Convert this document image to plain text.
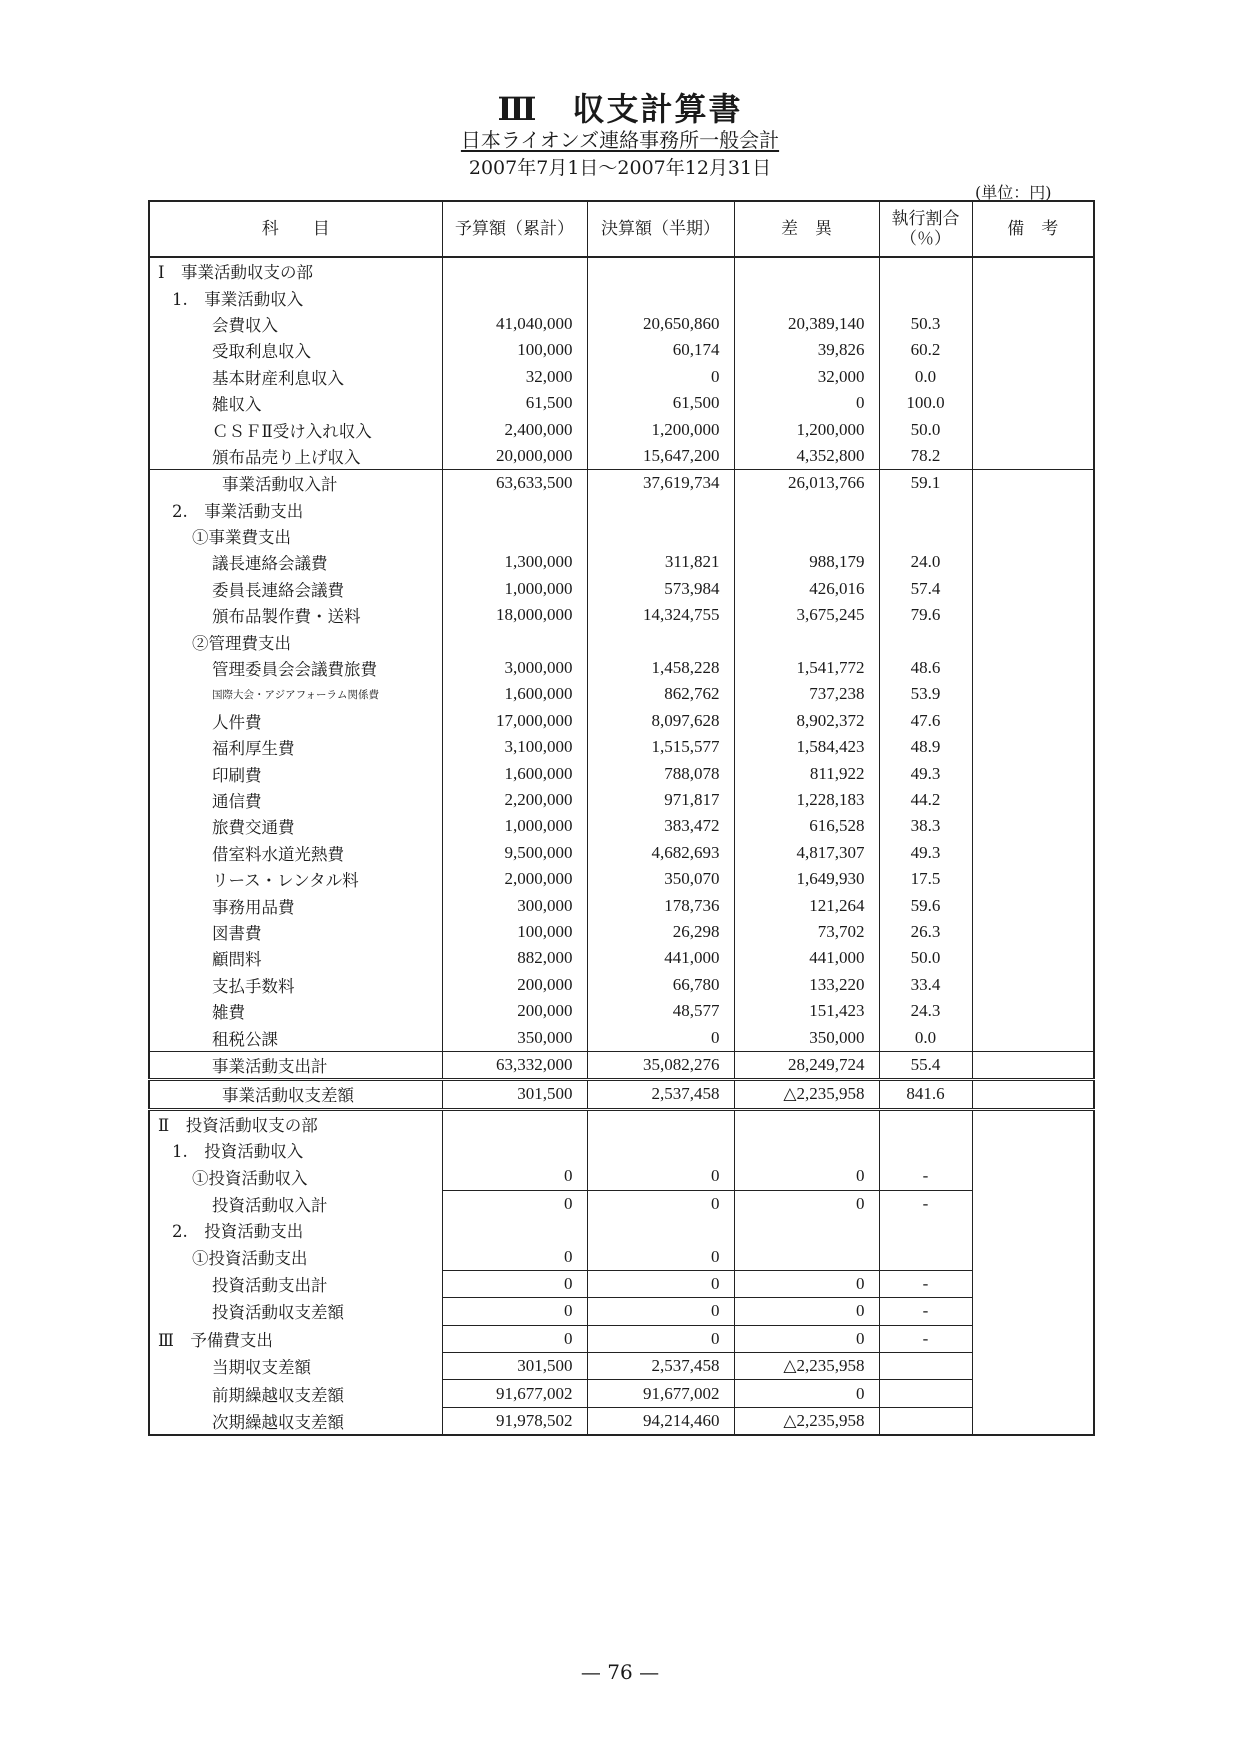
Ⅲ　収支計算書
日本ライオンズ連絡事務所一般会計
2007年7月1日～2007年12月31日
(単位：円)
科　　目	予算額（累計）	決算額（半期）	差　異	執行割合
（％）	備　考
Ⅰ　事業活動収支の部					
1.　事業活動収入					
会費収入	41,040,000	20,650,860	20,389,140	50.3	
受取利息収入	100,000	60,174	39,826	60.2	
基本財産利息収入	32,000	0	32,000	0.0	
雑収入	61,500	61,500	0	100.0	
ＣＳＦⅡ受け入れ収入	2,400,000	1,200,000	1,200,000	50.0	
頒布品売り上げ収入	20,000,000	15,647,200	4,352,800	78.2	
事業活動収入計	63,633,500	37,619,734	26,013,766	59.1	
2.　事業活動支出					
①事業費支出					
議長連絡会議費	1,300,000	311,821	988,179	24.0	
委員長連絡会議費	1,000,000	573,984	426,016	57.4	
頒布品製作費・送料	18,000,000	14,324,755	3,675,245	79.6	
②管理費支出					
管理委員会会議費旅費	3,000,000	1,458,228	1,541,772	48.6	
国際大会・アジアフォーラム関係費	1,600,000	862,762	737,238	53.9	
人件費	17,000,000	8,097,628	8,902,372	47.6	
福利厚生費	3,100,000	1,515,577	1,584,423	48.9	
印刷費	1,600,000	788,078	811,922	49.3	
通信費	2,200,000	971,817	1,228,183	44.2	
旅費交通費	1,000,000	383,472	616,528	38.3	
借室料水道光熱費	9,500,000	4,682,693	4,817,307	49.3	
リース・レンタル料	2,000,000	350,070	1,649,930	17.5	
事務用品費	300,000	178,736	121,264	59.6	
図書費	100,000	26,298	73,702	26.3	
顧問料	882,000	441,000	441,000	50.0	
支払手数料	200,000	66,780	133,220	33.4	
雑費	200,000	48,577	151,423	24.3	
租税公課	350,000	0	350,000	0.0	
事業活動支出計	63,332,000	35,082,276	28,249,724	55.4	
事業活動収支差額	301,500	2,537,458	△2,235,958	841.6	
Ⅱ　投資活動収支の部					
1.　投資活動収入					
①投資活動収入	0	0	0	-	
投資活動収入計	0	0	0	-	
2.　投資活動支出					
①投資活動支出	0	0			
投資活動支出計	0	0	0	-	
投資活動収支差額	0	0	0	-	
Ⅲ　予備費支出	0	0	0	-	
当期収支差額	301,500	2,537,458	△2,235,958		
前期繰越収支差額	91,677,002	91,677,002	0		
次期繰越収支差額	91,978,502	94,214,460	△2,235,958		
— 76 —
